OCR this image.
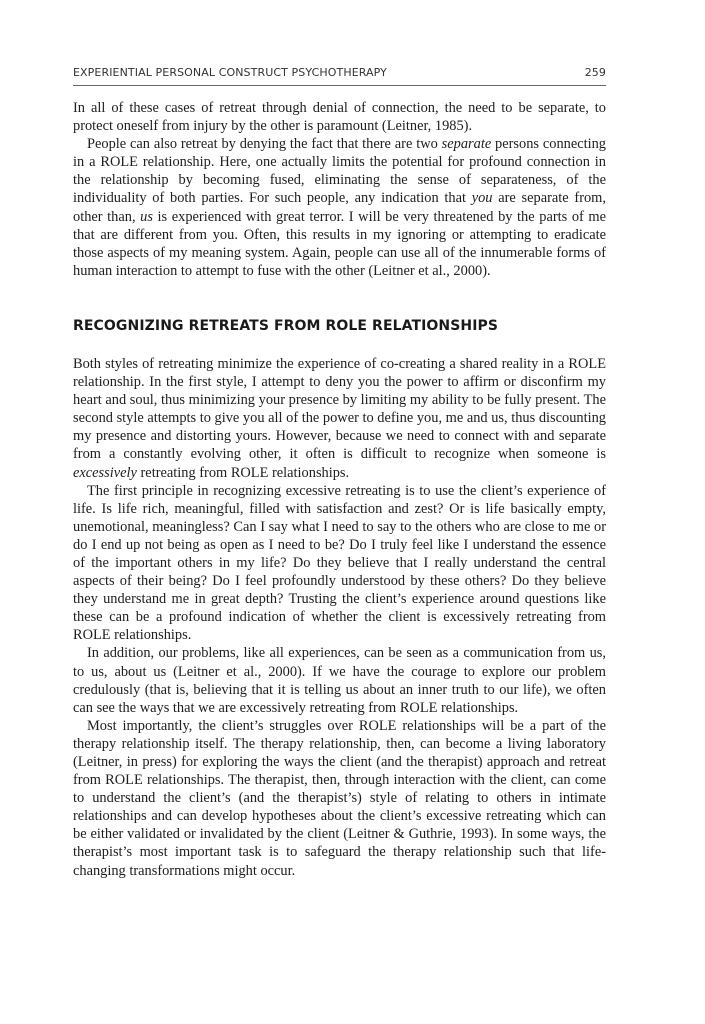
EXPERIENTIAL PERSONAL CONSTRUCT PSYCHOTHERAPY	259

In all of these cases of retreat through denial of connection, the need to be separate, to protect oneself from injury by the other is paramount (Leitner, 1985).

People can also retreat by denying the fact that there are two separate persons connecting in a ROLE relationship. Here, one actually limits the potential for profound connection in the relationship by becoming fused, eliminating the sense of separateness, of the individuality of both parties. For such people, any indication that you are separate from, other than, us is experienced with great terror. I will be very threatened by the parts of me that are different from you. Often, this results in my ignoring or attempting to eradicate those aspects of my meaning system. Again, people can use all of the innumerable forms of human interaction to attempt to fuse with the other (Leitner et al., 2000).

RECOGNIZING RETREATS FROM ROLE RELATIONSHIPS

Both styles of retreating minimize the experience of co-creating a shared reality in a ROLE relationship. In the first style, I attempt to deny you the power to affirm or disconfirm my heart and soul, thus minimizing your presence by limiting my ability to be fully present. The second style attempts to give you all of the power to define you, me and us, thus discounting my presence and distorting yours. However, because we need to connect with and separate from a constantly evolving other, it often is difficult to recognize when someone is excessively retreating from ROLE relationships.

The first principle in recognizing excessive retreating is to use the client’s experience of life. Is life rich, meaningful, filled with satisfaction and zest? Or is life basically empty, unemotional, meaningless? Can I say what I need to say to the others who are close to me or do I end up not being as open as I need to be? Do I truly feel like I understand the essence of the important others in my life? Do they believe that I really understand the central aspects of their being? Do I feel profoundly understood by these others? Do they believe they understand me in great depth? Trusting the client’s experience around questions like these can be a profound indication of whether the client is excessively retreating from ROLE relationships.

In addition, our problems, like all experiences, can be seen as a communication from us, to us, about us (Leitner et al., 2000). If we have the courage to explore our problem credulously (that is, believing that it is telling us about an inner truth to our life), we often can see the ways that we are excessively retreating from ROLE relationships.

Most importantly, the client’s struggles over ROLE relationships will be a part of the therapy relationship itself. The therapy relationship, then, can become a living laboratory (Leitner, in press) for exploring the ways the client (and the therapist) approach and retreat from ROLE relationships. The therapist, then, through interaction with the client, can come to understand the client’s (and the therapist’s) style of relating to others in intimate relationships and can develop hypotheses about the client’s excessive retreating which can be either validated or invalidated by the client (Leitner & Guthrie, 1993). In some ways, the therapist’s most important task is to safeguard the therapy relationship such that life-changing transformations might occur.
